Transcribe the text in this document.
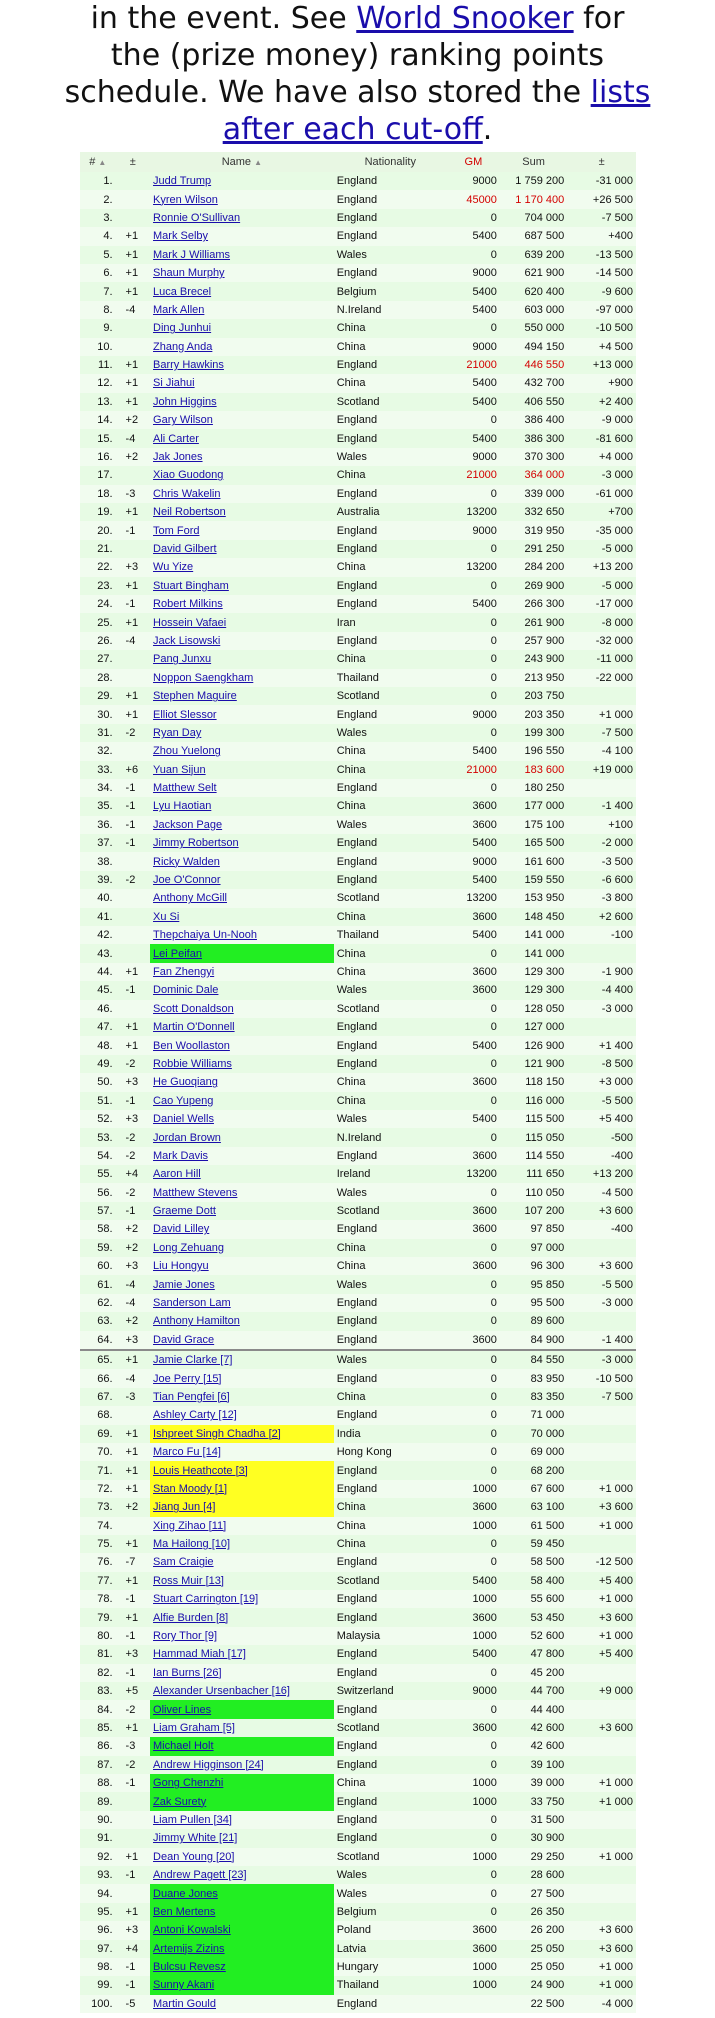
in the event. See World Snooker for
the (prize money) ranking points
schedule. We have also stored the lists
after each cut-off.
# ▲	±	Name ▲	Nationality	GM	Sum	±
1.		Judd Trump	England	9000	1 759 200	-31 000
2.		Kyren Wilson	England	45000	1 170 400	+26 500
3.		Ronnie O'Sullivan	England	0	704 000	-7 500
4.	+1	Mark Selby	England	5400	687 500	+400
5.	+1	Mark J Williams	Wales	0	639 200	-13 500
6.	+1	Shaun Murphy	England	9000	621 900	-14 500
7.	+1	Luca Brecel	Belgium	5400	620 400	-9 600
8.	-4	Mark Allen	N.Ireland	5400	603 000	-97 000
9.		Ding Junhui	China	0	550 000	-10 500
10.		Zhang Anda	China	9000	494 150	+4 500
11.	+1	Barry Hawkins	England	21000	446 550	+13 000
12.	+1	Si Jiahui	China	5400	432 700	+900
13.	+1	John Higgins	Scotland	5400	406 550	+2 400
14.	+2	Gary Wilson	England	0	386 400	-9 000
15.	-4	Ali Carter	England	5400	386 300	-81 600
16.	+2	Jak Jones	Wales	9000	370 300	+4 000
17.		Xiao Guodong	China	21000	364 000	-3 000
18.	-3	Chris Wakelin	England	0	339 000	-61 000
19.	+1	Neil Robertson	Australia	13200	332 650	+700
20.	-1	Tom Ford	England	9000	319 950	-35 000
21.		David Gilbert	England	0	291 250	-5 000
22.	+3	Wu Yize	China	13200	284 200	+13 200
23.	+1	Stuart Bingham	England	0	269 900	-5 000
24.	-1	Robert Milkins	England	5400	266 300	-17 000
25.	+1	Hossein Vafaei	Iran	0	261 900	-8 000
26.	-4	Jack Lisowski	England	0	257 900	-32 000
27.		Pang Junxu	China	0	243 900	-11 000
28.		Noppon Saengkham	Thailand	0	213 950	-22 000
29.	+1	Stephen Maguire	Scotland	0	203 750	
30.	+1	Elliot Slessor	England	9000	203 350	+1 000
31.	-2	Ryan Day	Wales	0	199 300	-7 500
32.		Zhou Yuelong	China	5400	196 550	-4 100
33.	+6	Yuan Sijun	China	21000	183 600	+19 000
34.	-1	Matthew Selt	England	0	180 250	
35.	-1	Lyu Haotian	China	3600	177 000	-1 400
36.	-1	Jackson Page	Wales	3600	175 100	+100
37.	-1	Jimmy Robertson	England	5400	165 500	-2 000
38.		Ricky Walden	England	9000	161 600	-3 500
39.	-2	Joe O'Connor	England	5400	159 550	-6 600
40.		Anthony McGill	Scotland	13200	153 950	-3 800
41.		Xu Si	China	3600	148 450	+2 600
42.		Thepchaiya Un-Nooh	Thailand	5400	141 000	-100
43.		Lei Peifan	China	0	141 000	
44.	+1	Fan Zhengyi	China	3600	129 300	-1 900
45.	-1	Dominic Dale	Wales	3600	129 300	-4 400
46.		Scott Donaldson	Scotland	0	128 050	-3 000
47.	+1	Martin O'Donnell	England	0	127 000	
48.	+1	Ben Woollaston	England	5400	126 900	+1 400
49.	-2	Robbie Williams	England	0	121 900	-8 500
50.	+3	He Guoqiang	China	3600	118 150	+3 000
51.	-1	Cao Yupeng	China	0	116 000	-5 500
52.	+3	Daniel Wells	Wales	5400	115 500	+5 400
53.	-2	Jordan Brown	N.Ireland	0	115 050	-500
54.	-2	Mark Davis	England	3600	114 550	-400
55.	+4	Aaron Hill	Ireland	13200	111 650	+13 200
56.	-2	Matthew Stevens	Wales	0	110 050	-4 500
57.	-1	Graeme Dott	Scotland	3600	107 200	+3 600
58.	+2	David Lilley	England	3600	97 850	-400
59.	+2	Long Zehuang	China	0	97 000	
60.	+3	Liu Hongyu	China	3600	96 300	+3 600
61.	-4	Jamie Jones	Wales	0	95 850	-5 500
62.	-4	Sanderson Lam	England	0	95 500	-3 000
63.	+2	Anthony Hamilton	England	0	89 600	
64.	+3	David Grace	England	3600	84 900	-1 400
65.	+1	Jamie Clarke [7]	Wales	0	84 550	-3 000
66.	-4	Joe Perry [15]	England	0	83 950	-10 500
67.	-3	Tian Pengfei [6]	China	0	83 350	-7 500
68.		Ashley Carty [12]	England	0	71 000	
69.	+1	Ishpreet Singh Chadha [2]	India	0	70 000	
70.	+1	Marco Fu [14]	Hong Kong	0	69 000	
71.	+1	Louis Heathcote [3]	England	0	68 200	
72.	+1	Stan Moody [1]	England	1000	67 600	+1 000
73.	+2	Jiang Jun [4]	China	3600	63 100	+3 600
74.		Xing Zihao [11]	China	1000	61 500	+1 000
75.	+1	Ma Hailong [10]	China	0	59 450	
76.	-7	Sam Craigie	England	0	58 500	-12 500
77.	+1	Ross Muir [13]	Scotland	5400	58 400	+5 400
78.	-1	Stuart Carrington [19]	England	1000	55 600	+1 000
79.	+1	Alfie Burden [8]	England	3600	53 450	+3 600
80.	-1	Rory Thor [9]	Malaysia	1000	52 600	+1 000
81.	+3	Hammad Miah [17]	England	5400	47 800	+5 400
82.	-1	Ian Burns [26]	England	0	45 200	
83.	+5	Alexander Ursenbacher [16]	Switzerland	9000	44 700	+9 000
84.	-2	Oliver Lines	England	0	44 400	
85.	+1	Liam Graham [5]	Scotland	3600	42 600	+3 600
86.	-3	Michael Holt	England	0	42 600	
87.	-2	Andrew Higginson [24]	England	0	39 100	
88.	-1	Gong Chenzhi	China	1000	39 000	+1 000
89.		Zak Surety	England	1000	33 750	+1 000
90.		Liam Pullen [34]	England	0	31 500	
91.		Jimmy White [21]	England	0	30 900	
92.	+1	Dean Young [20]	Scotland	1000	29 250	+1 000
93.	-1	Andrew Pagett [23]	Wales	0	28 600	
94.		Duane Jones	Wales	0	27 500	
95.	+1	Ben Mertens	Belgium	0	26 350	
96.	+3	Antoni Kowalski	Poland	3600	26 200	+3 600
97.	+4	Artemijs Zizins	Latvia	3600	25 050	+3 600
98.	-1	Bulcsu Revesz	Hungary	1000	25 050	+1 000
99.	-1	Sunny Akani	Thailand	1000	24 900	+1 000
100.	-5	Martin Gould	England		22 500	-4 000
